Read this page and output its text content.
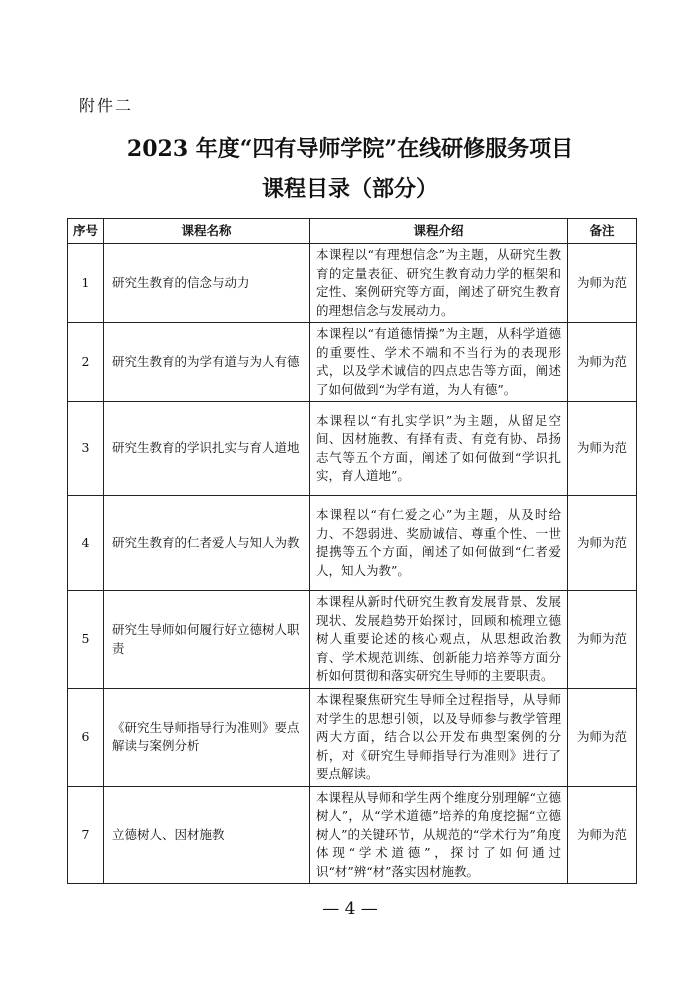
附件二
2023 年度“四有导师学院”在线研修服务项目
课程目录（部分）
序号	课程名称	课程介绍	备注
1	研究生教育的信念与动力	本课程以“有理想信念”为主题，从研究生教育的定量表征、研究生教育动力学的框架和定性、案例研究等方面，阐述了研究生教育的理想信念与发展动力。	为师为范
2	研究生教育的为学有道与为人有德	本课程以“有道德情操”为主题，从科学道德的重要性、学术不端和不当行为的表现形式，以及学术诚信的四点忠告等方面，阐述了如何做到“为学有道，为人有德”。	为师为范
3	研究生教育的学识扎实与育人道地	本课程以“有扎实学识”为主题，从留足空间、因材施教、有择有责、有竞有协、昂扬志气等五个方面，阐述了如何做到“学识扎实，育人道地”。	为师为范
4	研究生教育的仁者爱人与知人为教	本课程以“有仁爱之心”为主题，从及时给力、不怨弱进、奖励诚信、尊重个性、一世提携等五个方面，阐述了如何做到“仁者爱人，知人为教”。	为师为范
5	研究生导师如何履行好立德树人职责	本课程从新时代研究生教育发展背景、发展现状、发展趋势开始探讨，回顾和梳理立德树人重要论述的核心观点，从思想政治教育、学术规范训练、创新能力培养等方面分析如何贯彻和落实研究生导师的主要职责。	为师为范
6	《研究生导师指导行为准则》要点解读与案例分析	本课程聚焦研究生导师全过程指导，从导师对学生的思想引领，以及导师参与教学管理两大方面，结合以公开发布典型案例的分析，对《研究生导师指导行为准则》进行了要点解读。	为师为范
7	立德树人、因材施教	本课程从导师和学生两个维度分别理解“立德树人”，从“学术道德”培养的角度挖掘“立德树人”的关键环节，从规范的“学术行为”角度体现“学术道德”，探讨了如何通过识“材”辨“材”落实因材施教。	为师为范
— 4 —
